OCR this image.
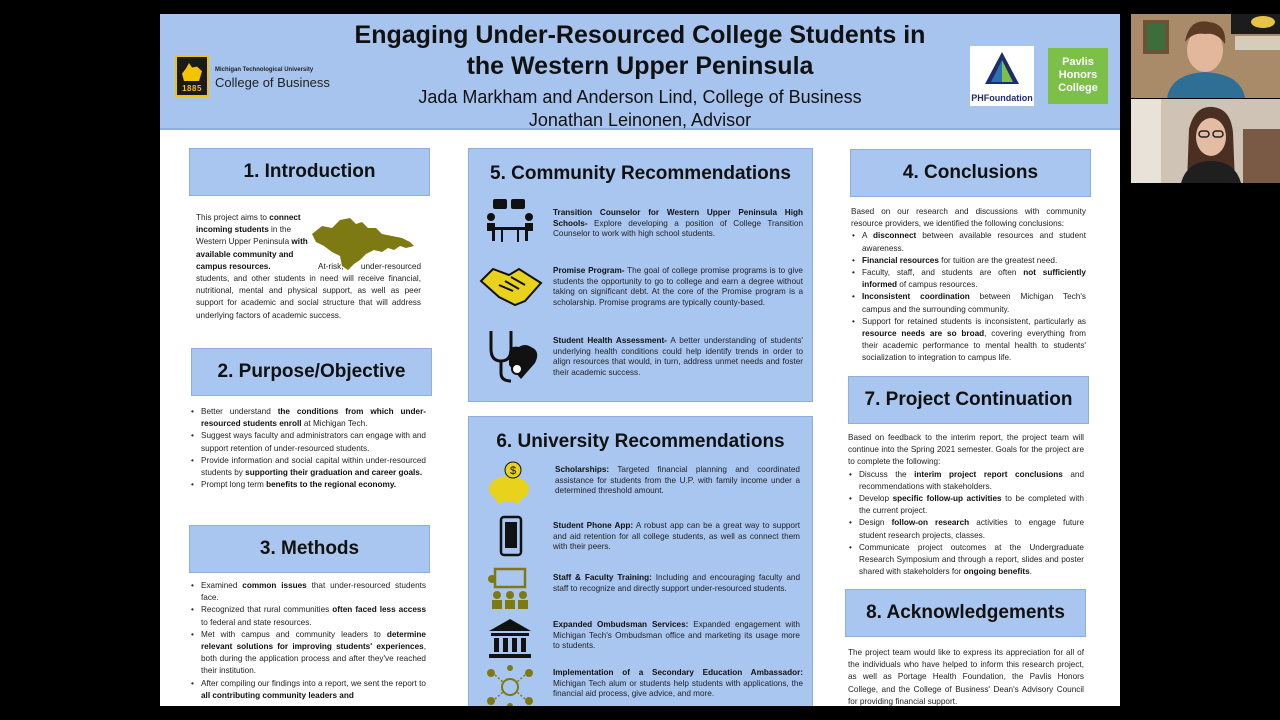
1885
Michigan Technological University
College of Business
Engaging Under-Resourced College Students in
the Western Upper Peninsula
Jada Markham and Anderson Lind, College of Business
Jonathan Leinonen, Advisor
PHFoundation
Pavlis Honors College
1. Introduction
This project aims to connect incoming students in the Western Upper Peninsula with available community and campus resources.	At-risk, under-resourced students, and other students in need will receive financial, nutritional, mental and physical support, as well as peer support for academic and social structure that will address underlying factors of academic success.
2. Purpose/Objective
• Better understand the conditions from which under-resourced students enroll at Michigan Tech.
• Suggest ways faculty and administrators can engage with and support retention of under-resourced students.
• Provide information and social capital within under-resourced students by supporting their graduation and career goals.
• Prompt long term benefits to the regional economy.
3. Methods
• Examined common issues that under-resourced students face.
• Recognized that rural communities often faced less access to federal and state resources.
• Met with campus and community leaders to determine relevant solutions for improving students' experiences, both during the application process and after they've reached their institution.
• After compiling our findings into a report, we sent the report to all contributing community leaders and
5. Community Recommendations
Transition Counselor for Western Upper Peninsula High Schools- Explore developing a position of College Transition Counselor to work with high school students.
Promise Program- The goal of college promise programs is to give students the opportunity to go to college and earn a degree without taking on significant debt. At the core of the Promise program is a scholarship. Promise programs are typically county-based.
Student Health Assessment- A better understanding of students' underlying health conditions could help identify trends in order to align resources that would, in turn, address unmet needs and foster their academic success.
6. University Recommendations
$	Scholarships: Targeted financial planning and coordinated assistance for students from the U.P. with family income under a determined threshold amount.
Student Phone App: A robust app can be a great way to support and aid retention for all college students, as well as connect them with their peers.
Staff & Faculty Training: Including and encouraging faculty and staff to recognize and directly support under-resourced students.
Expanded Ombudsman Services: Expanded engagement with Michigan Tech's Ombudsman office and marketing its usage more to students.
Implementation of a Secondary Education Ambassador: Michigan Tech alum or students help students with applications, the financial aid process, give advice, and more.
4. Conclusions
Based on our research and discussions with community resource providers, we identified the following conclusions:
• A disconnect between available resources and student awareness.
• Financial resources for tuition are the greatest need.
• Faculty, staff, and students are often not sufficiently informed of campus resources.
• Inconsistent coordination between Michigan Tech's campus and the surrounding community.
• Support for retained students is inconsistent, particularly as resource needs are so broad, covering everything from their academic performance to mental health to students' socialization to integration to campus life.
7. Project Continuation
Based on feedback to the interim report, the project team will continue into the Spring 2021 semester. Goals for the project are to complete the following:
• Discuss the interim project report conclusions and recommendations with stakeholders.
• Develop specific follow-up activities to be completed with the current project.
• Design follow-on research activities to engage future student research projects, classes.
• Communicate project outcomes at the Undergraduate Research Symposium and through a report, slides and poster shared with stakeholders for ongoing benefits.
8. Acknowledgements
The project team would like to express its appreciation for all of the individuals who have helped to inform this research project, as well as Portage Health Foundation, the Pavlis Honors College, and the College of Business' Dean's Advisory Council for providing financial support.
